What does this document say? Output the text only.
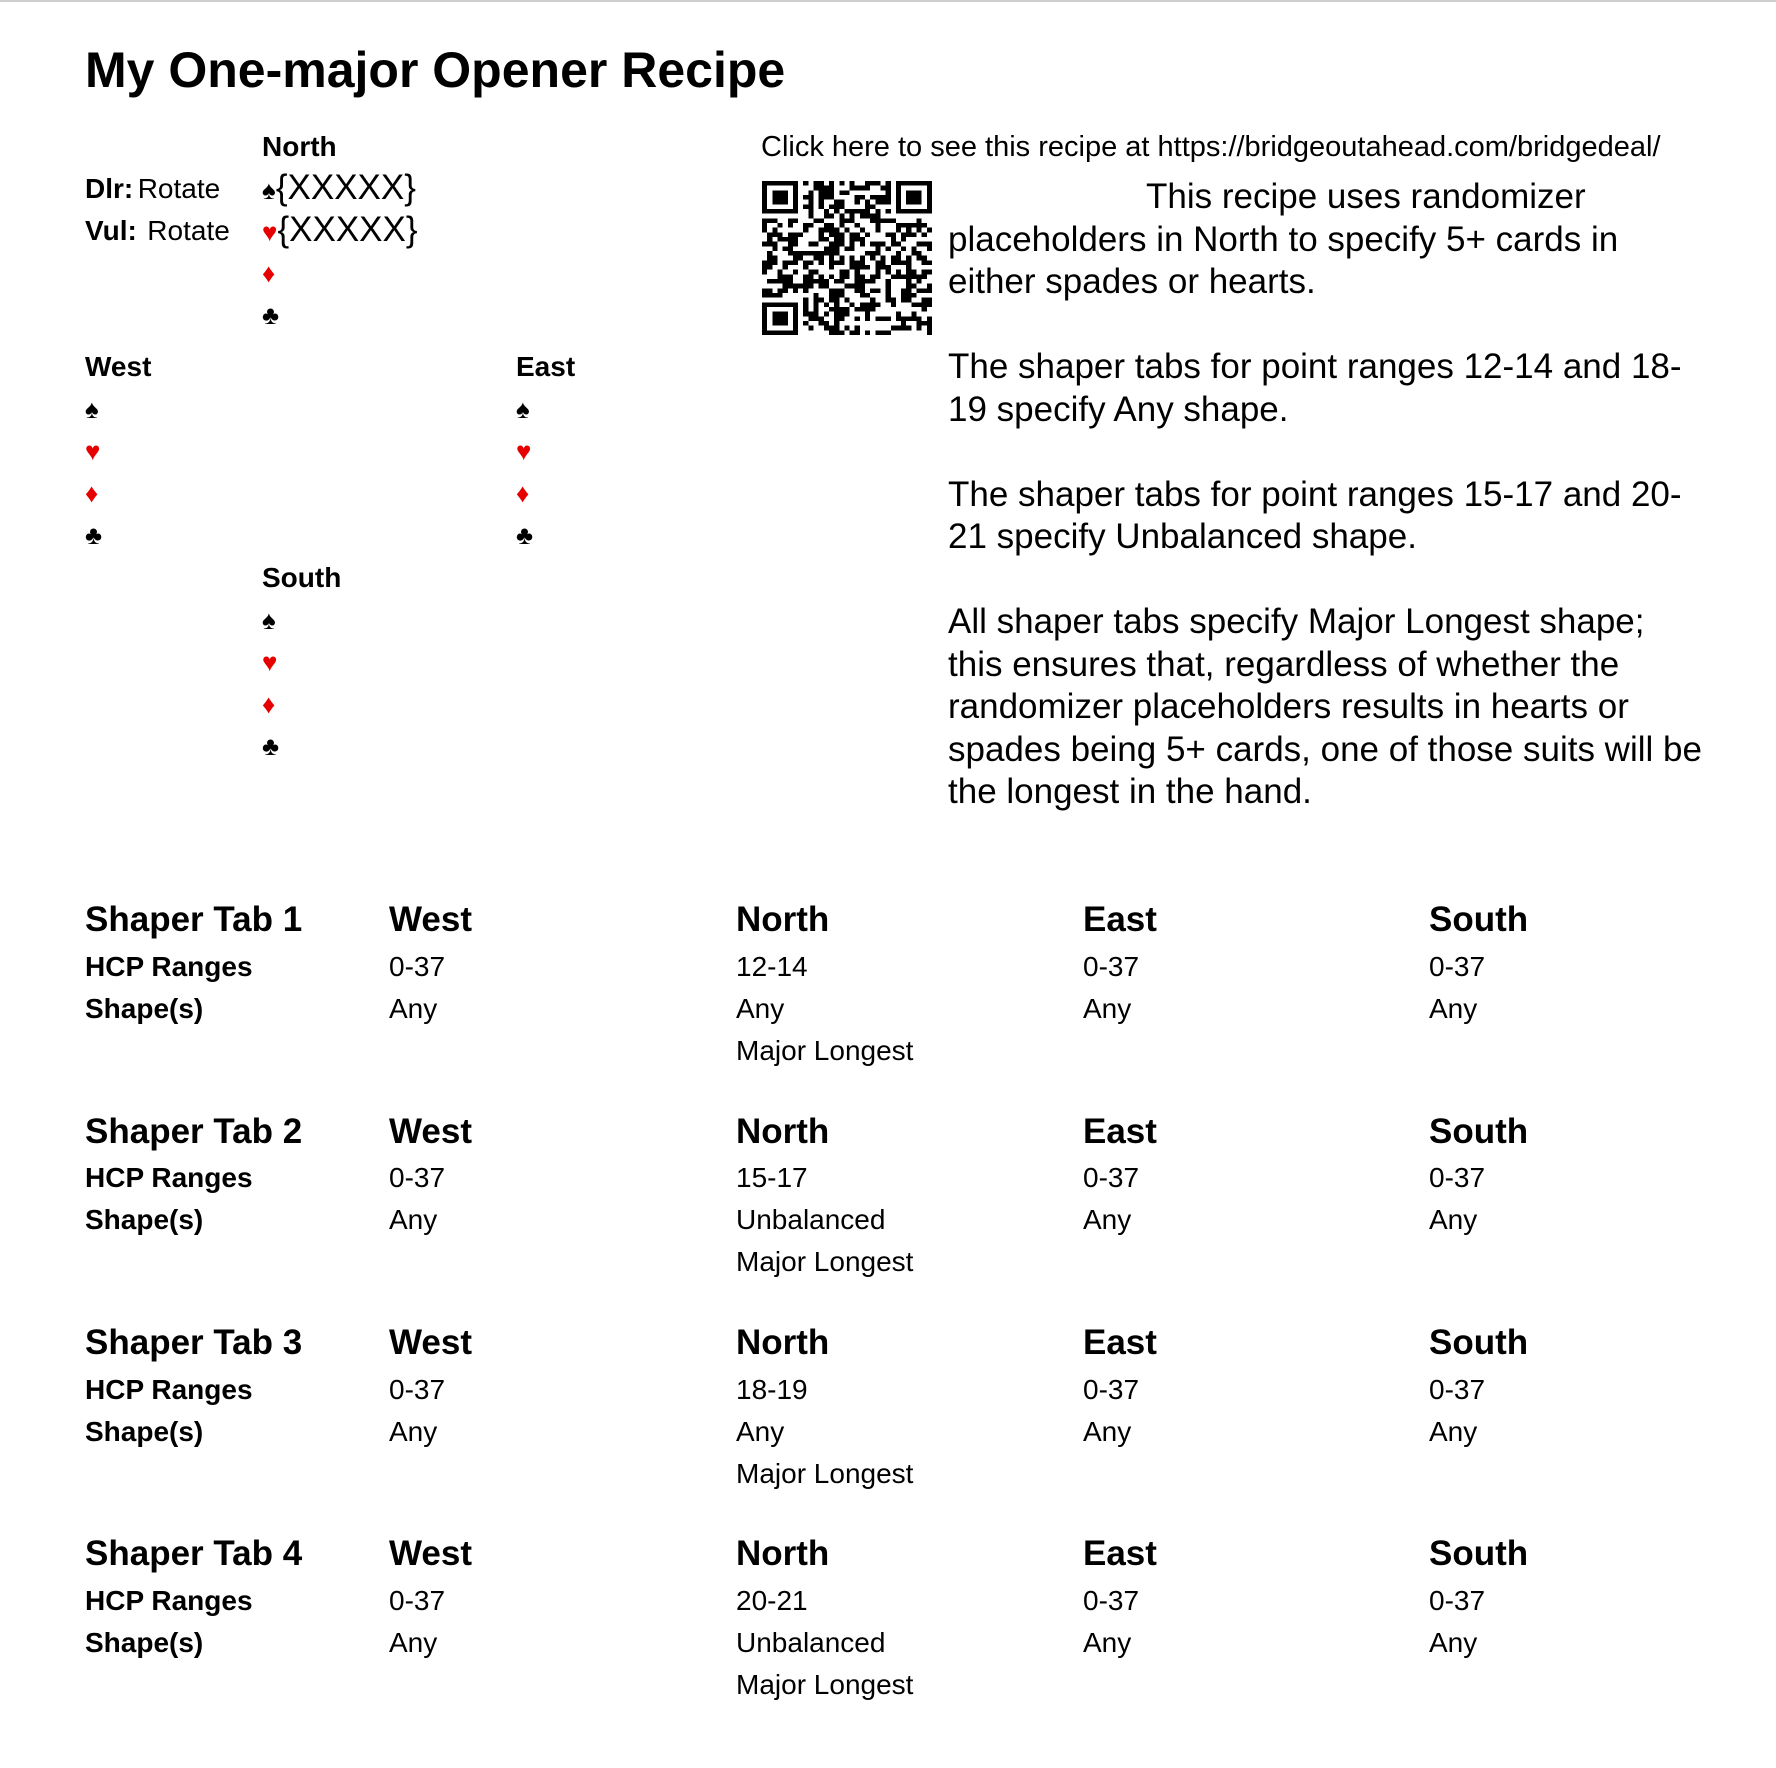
My One-major Opener Recipe
Dlr: Rotate
Vul: Rotate
North
♠{XXXXX}
♥{XXXXX}
♦
♣
West
♠
♥
♦
♣
East
♠
♥
♦
♣
South
♠
♥
♦
♣
Click here to see this recipe at https://bridgeoutahead.com/bridgedeal/

This recipe uses randomizer placeholders in North to specify 5+ cards in either spades or hearts.

The shaper tabs for point ranges 12-14 and 18-19 specify Any shape.

The shaper tabs for point ranges 15-17 and 20-21 specify Unbalanced shape.

All shaper tabs specify Major Longest shape; this ensures that, regardless of whether the randomizer placeholders results in hearts or spades being 5+ cards, one of those suits will be the longest in the hand.

Shaper Tab 1
HCP Ranges
Shape(s)
West
0-37
Any
North
12-14
Any
Major Longest
East
0-37
Any
South
0-37
Any
Shaper Tab 2
HCP Ranges
Shape(s)
West
0-37
Any
North
15-17
Unbalanced
Major Longest
East
0-37
Any
South
0-37
Any
Shaper Tab 3
HCP Ranges
Shape(s)
West
0-37
Any
North
18-19
Any
Major Longest
East
0-37
Any
South
0-37
Any
Shaper Tab 4
HCP Ranges
Shape(s)
West
0-37
Any
North
20-21
Unbalanced
Major Longest
East
0-37
Any
South
0-37
Any
